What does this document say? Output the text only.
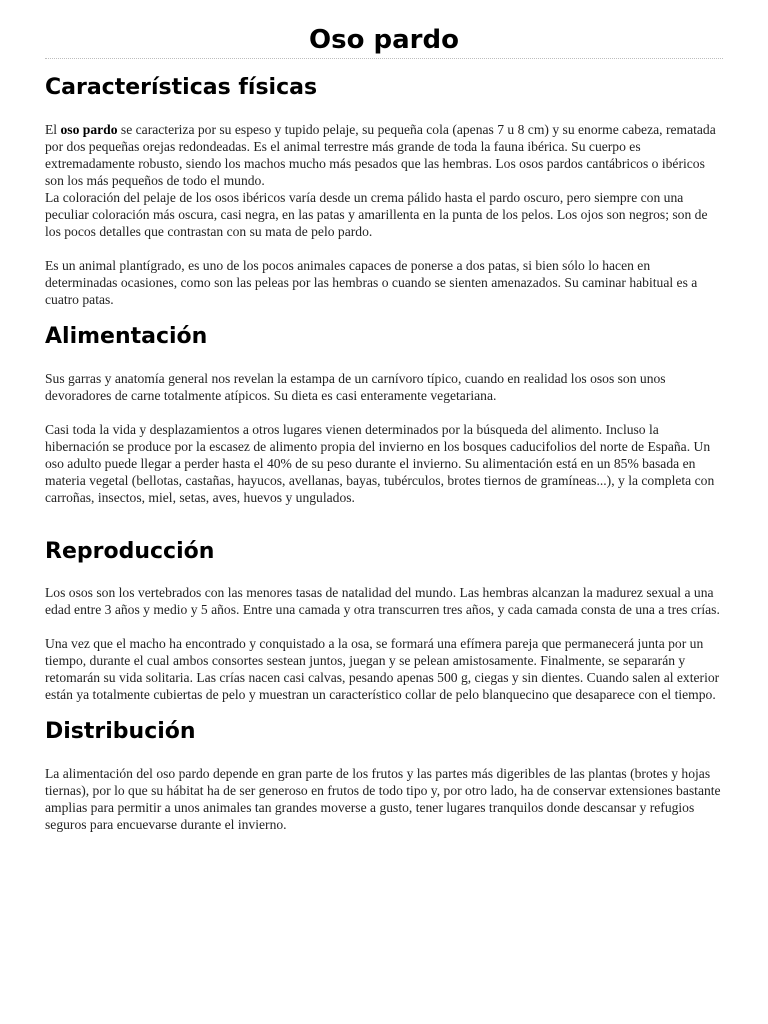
Oso pardo
Características físicas

El oso pardo se caracteriza por su espeso y tupido pelaje, su pequeña cola (apenas 7 u 8 cm) y su enorme cabeza, rematada por dos pequeñas orejas redondeadas. Es el animal terrestre más grande de toda la fauna ibérica. Su cuerpo es extremadamente robusto, siendo los machos mucho más pesados que las hembras. Los osos pardos cantábricos o ibéricos son los más pequeños de todo el mundo.

La coloración del pelaje de los osos ibéricos varía desde un crema pálido hasta el pardo oscuro, pero siempre con una peculiar coloración más oscura, casi negra, en las patas y amarillenta en la punta de los pelos. Los ojos son negros; son de los pocos detalles que contrastan con su mata de pelo pardo.

Es un animal plantígrado, es uno de los pocos animales capaces de ponerse a dos patas, si bien sólo lo hacen en determinadas ocasiones, como son las peleas por las hembras o cuando se sienten amenazados. Su caminar habitual es a cuatro patas.

Alimentación

Sus garras y anatomía general nos revelan la estampa de un carnívoro típico, cuando en realidad los osos son unos devoradores de carne totalmente atípicos. Su dieta es casi enteramente vegetariana.

Casi toda la vida y desplazamientos a otros lugares vienen determinados por la búsqueda del alimento. Incluso la hibernación se produce por la escasez de alimento propia del invierno en los bosques caducifolios del norte de España. Un oso adulto puede llegar a perder hasta el 40% de su peso durante el invierno. Su alimentación está en un 85% basada en materia vegetal (bellotas, castañas, hayucos, avellanas, bayas, tubérculos, brotes tiernos de gramíneas...), y la completa con carroñas, insectos, miel, setas, aves, huevos y ungulados.

Reproducción

Los osos son los vertebrados con las menores tasas de natalidad del mundo. Las hembras alcanzan la madurez sexual a una edad entre 3 años y medio y 5 años. Entre una camada y otra transcurren tres años, y cada camada consta de una a tres crías.

Una vez que el macho ha encontrado y conquistado a la osa, se formará una efímera pareja que permanecerá junta por un tiempo, durante el cual ambos consortes sestean juntos, juegan y se pelean amistosamente. Finalmente, se separarán y retomarán su vida solitaria. Las crías nacen casi calvas, pesando apenas 500 g, ciegas y sin dientes. Cuando salen al exterior están ya totalmente cubiertas de pelo y muestran un característico collar de pelo blanquecino que desaparece con el tiempo.

Distribución

La alimentación del oso pardo depende en gran parte de los frutos y las partes más digeribles de las plantas (brotes y hojas tiernas), por lo que su hábitat ha de ser generoso en frutos de todo tipo y, por otro lado, ha de conservar extensiones bastante amplias para permitir a unos animales tan grandes moverse a gusto, tener lugares tranquilos donde descansar y refugios seguros para encuevarse durante el invierno.
